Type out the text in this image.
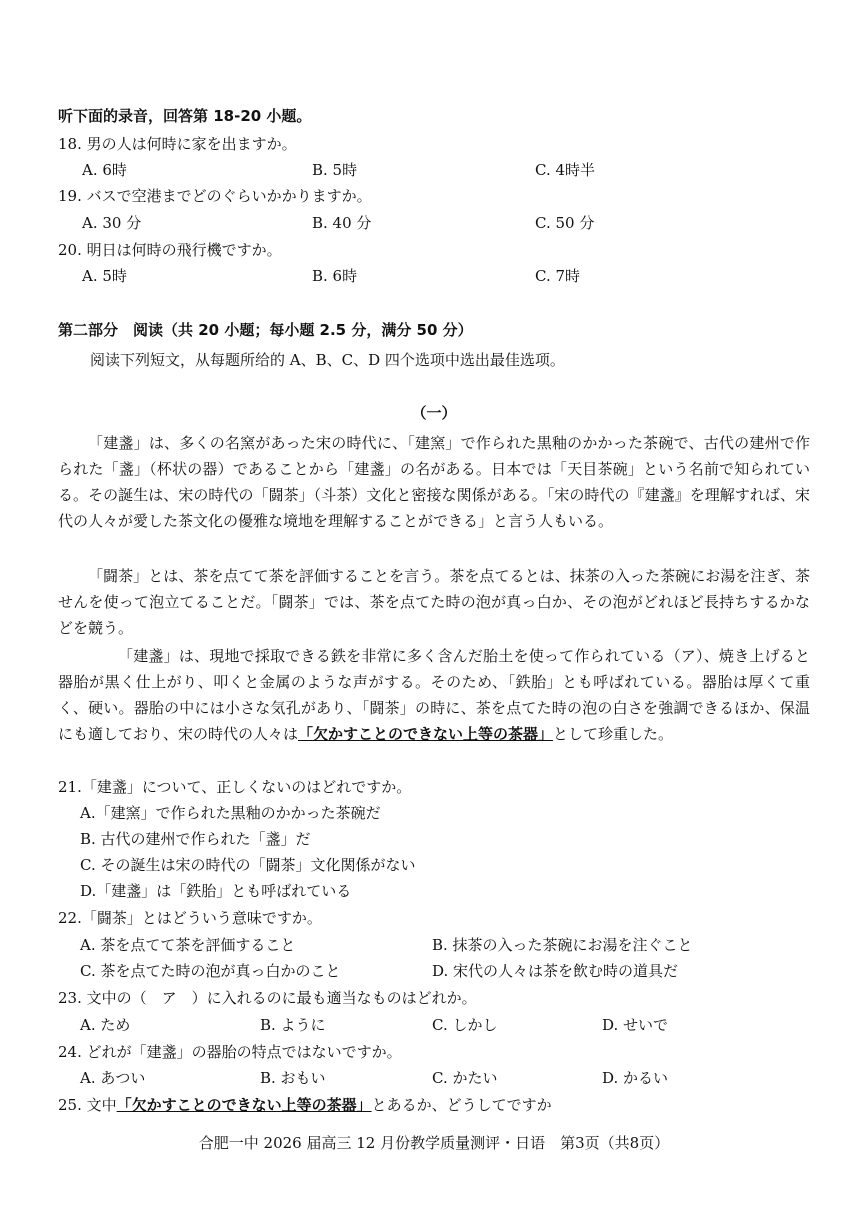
听下面的录音，回答第 18-20 小题。
18. 男の人は何時に家を出ますか。
A. 6時	B. 5時	C. 4時半
19. バスで空港までどのぐらいかかりますか。
A. 30 分	B. 40 分	C. 50 分
20. 明日は何時の飛行機ですか。
A. 5時	B. 6時	C. 7時
第二部分　阅读（共 20 小题；每小题 2.5 分，满分 50 分）
阅读下列短文，从每题所给的 A、B、C、D 四个选项中选出最佳选项。
（一）
「建盞」は、多くの名窯があった宋の時代に、「建窯」で作られた黒釉のかかった茶碗で、古代の建州で作られた「盞」（杯状の器）であることから「建盞」の名がある。日本では「天目茶碗」という名前で知られている。その誕生は、宋の時代の「闘茶」（斗茶）文化と密接な関係がある。「宋の時代の『建盞』を理解すれば、宋代の人々が愛した茶文化の優雅な境地を理解することができる」と言う人もいる。
「闘茶」とは、茶を点てて茶を評価することを言う。茶を点てるとは、抹茶の入った茶碗にお湯を注ぎ、茶せんを使って泡立てることだ。「闘茶」では、茶を点てた時の泡が真っ白か、その泡がどれほど長持ちするかなどを競う。
「建盞」は、現地で採取できる鉄を非常に多く含んだ胎土を使って作られている（ア）、焼き上げると器胎が黒く仕上がり、叩くと金属のような声がする。そのため、「鉄胎」とも呼ばれている。器胎は厚くて重く、硬い。器胎の中には小さな気孔があり、「闘茶」の時に、茶を点てた時の泡の白さを強調できるほか、保温にも適しており、宋の時代の人々は「欠かすことのできない上等の茶器」として珍重した。
21.「建盞」について、正しくないのはどれですか。
A.「建窯」で作られた黒釉のかかった茶碗だ
B. 古代の建州で作られた「盞」だ
C. その誕生は宋の時代の「闘茶」文化関係がない
D.「建盞」は「鉄胎」とも呼ばれている
22.「闘茶」とはどういう意味ですか。
A. 茶を点てて茶を評価すること	B. 抹茶の入った茶碗にお湯を注ぐこと
C. 茶を点てた時の泡が真っ白かのこと	D. 宋代の人々は茶を飲む時の道具だ
23. 文中の（　ア　）に入れるのに最も適当なものはどれか。
A. ため	B. ように	C. しかし	D. せいで
24. どれが「建盞」の器胎の特点ではないですか。
A. あつい	B. おもい	C. かたい	D. かるい
25. 文中「欠かすことのできない上等の茶器」とあるか、どうしてですか
合肥一中 2026 届高三 12 月份教学质量测评・日语　第3页（共8页）
